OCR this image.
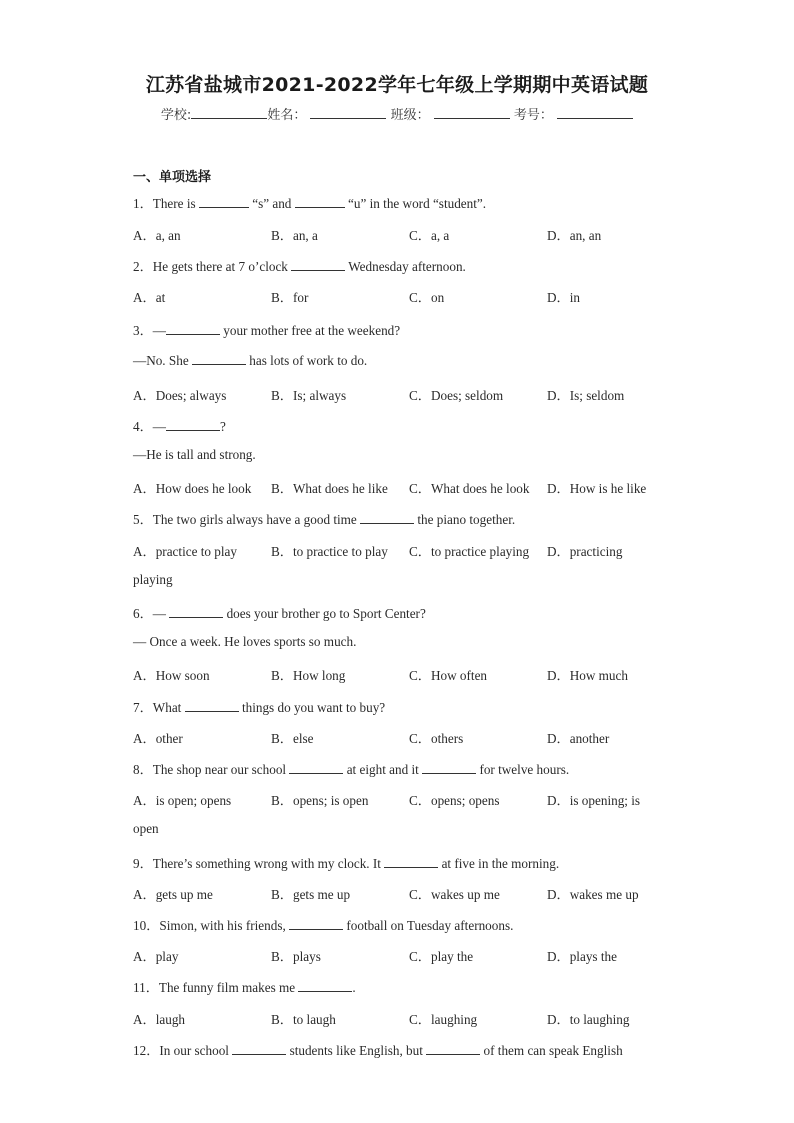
江苏省盐城市2021-2022学年七年级上学期期中英语试题
学校:	姓名：	班级：	考号：
一、单项选择
1．There is	“s” and	“u” in the word “student”.
A．a, an	B．an, a	C．a, a	D．an, an
2．He gets there at 7 o’clock	Wednesday afternoon.
A．at	B．for	C．on	D．in
3．—	your mother free at the weekend?
—No. She	has lots of work to do.
A．Does; always	B．Is; always	C．Does; seldom	D．Is; seldom
4．—	?
—He is tall and strong.
A．How does he look B．What does he like C．What does he look D．How is he like
5．The two girls always have a good time	the piano together.
A．practice to play	B．to practice to play C．to practice playing D．practicing
playing
6．—	does your brother go to Sport Center?
— Once a week. He loves sports so much.
A．How soon	B．How long	C．How often	D．How much
7．What	things do you want to buy?
A．other	B．else	C．others	D．another
8．The shop near our school	at eight and it	for twelve hours.
A．is open; opens	B．opens; is open	C．opens; opens	D．is opening; is
open
9．There’s something wrong with my clock. It	at five in the morning.
A．gets up me	B．gets me up	C．wakes up me	D．wakes me up
10．Simon, with his friends,	football on Tuesday afternoons.
A．play	B．plays	C．play the	D．plays the
11．The funny film makes me	.
A．laugh	B．to laugh	C．laughing	D．to laughing
12．In our school	students like English, but	of them can speak English
